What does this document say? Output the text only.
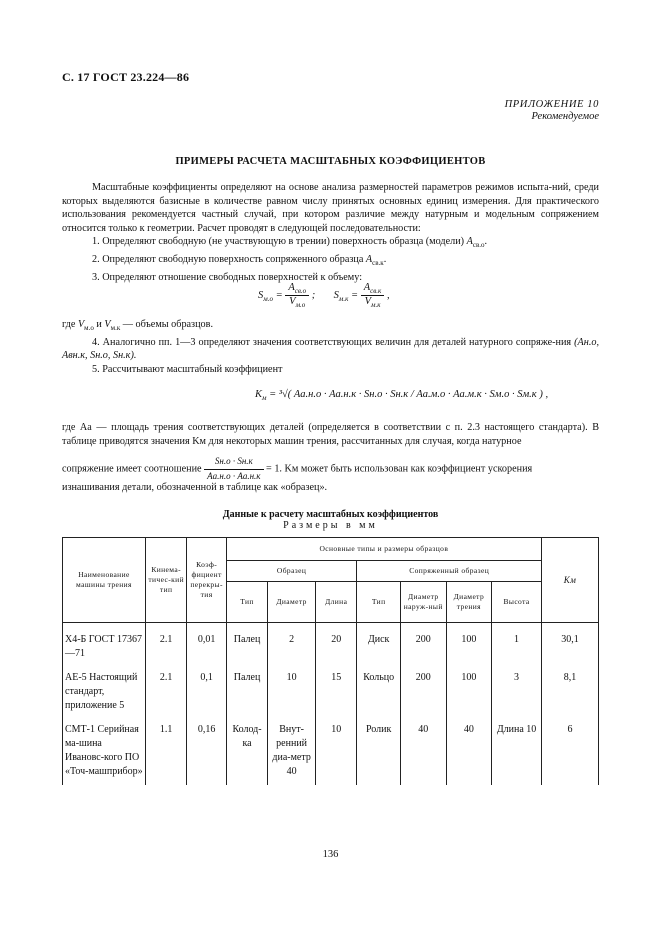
С. 17 ГОСТ 23.224—86
ПРИЛОЖЕНИЕ 10
Рекомендуемое
ПРИМЕРЫ РАСЧЕТА МАСШТАБНЫХ КОЭФФИЦИЕНТОВ

Масштабные коэффициенты определяют на основе анализа размерностей параметров режимов испыта-ний, среди которых выделяются базисные в количестве равном числу принятых основных единиц измерения. Для практического использования рекомендуется частный случай, при котором различие между натурным и модельным сопряжением относится только к геометрии. Расчет проводят в следующей последовательности:

1. Определяют свободную (не участвующую в трении) поверхность образца (модели) $A_{св.о}$.

2. Определяют свободную поверхность сопряженного образца $A_{св.к}$.

3. Определяют отношение свободных поверхностей к объему:

$S_{м.о} = \frac{A_{св.о}}{V_{м.о}}$ ;       $S_{м.к} = \frac{A_{св.к}}{V_{м.к}}$ ,

где $V_{м.о}$ и $V_{м.к}$ — объемы образцов.

4. Аналогично пп. 1—3 определяют значения соответствующих величин для деталей натурного сопряже-ния (Aн.о, Aвн.к, Sн.о, Sн.к).

5. Рассчитывают масштабный коэффициент

$K_м = ^3√$( Aа.н.о · Aа.н.к · Sн.о · Sн.к / Aа.м.о · Aа.м.к · Sм.о · Sм.к ) ,

где Aа — площадь трения соответствующих деталей (определяется в соответствии с п. 2.3 настоящего стандарта). В таблице приводятся значения Kм для некоторых машин трения, рассчитанных для случая, когда натурное

сопряжение имеет соотношение $\frac{Sн.о \cdot Sн.к}{Aа.н.о \cdot Aа.н.к} = 1$. Kм может быть использован как коэффициент ускорения
изнашивания детали, обозначенной в таблице как «образец».
Данные к расчету масштабных коэффициентов
Размеры в мм
Наименование машины трения	Кинема-тичес-кий тип	Коэф-фициент перекры-тия	Основные типы и размеры образцов							Kм
			Образец			Сопряженный образец				
			Тип	Диаметр	Длина	Тип	Диаметр наруж-ный	Диаметр трения	Высота	
Х4-Б ГОСТ 17367—71	2.1	0,01	Палец	2	20	Диск	200	100	1	30,1
АЕ-5 Настоящий стандарт, приложение 5	2.1	0,1	Палец	10	15	Кольцо	200	100	3	8,1
СМТ-1 Серийная ма-шина Ивановс-кого ПО «Точ-машприбор»	1.1	0,16	Колод-ка	Внут-ренний диа-метр 40	10	Ролик	40	40	Длина 10	6
136
